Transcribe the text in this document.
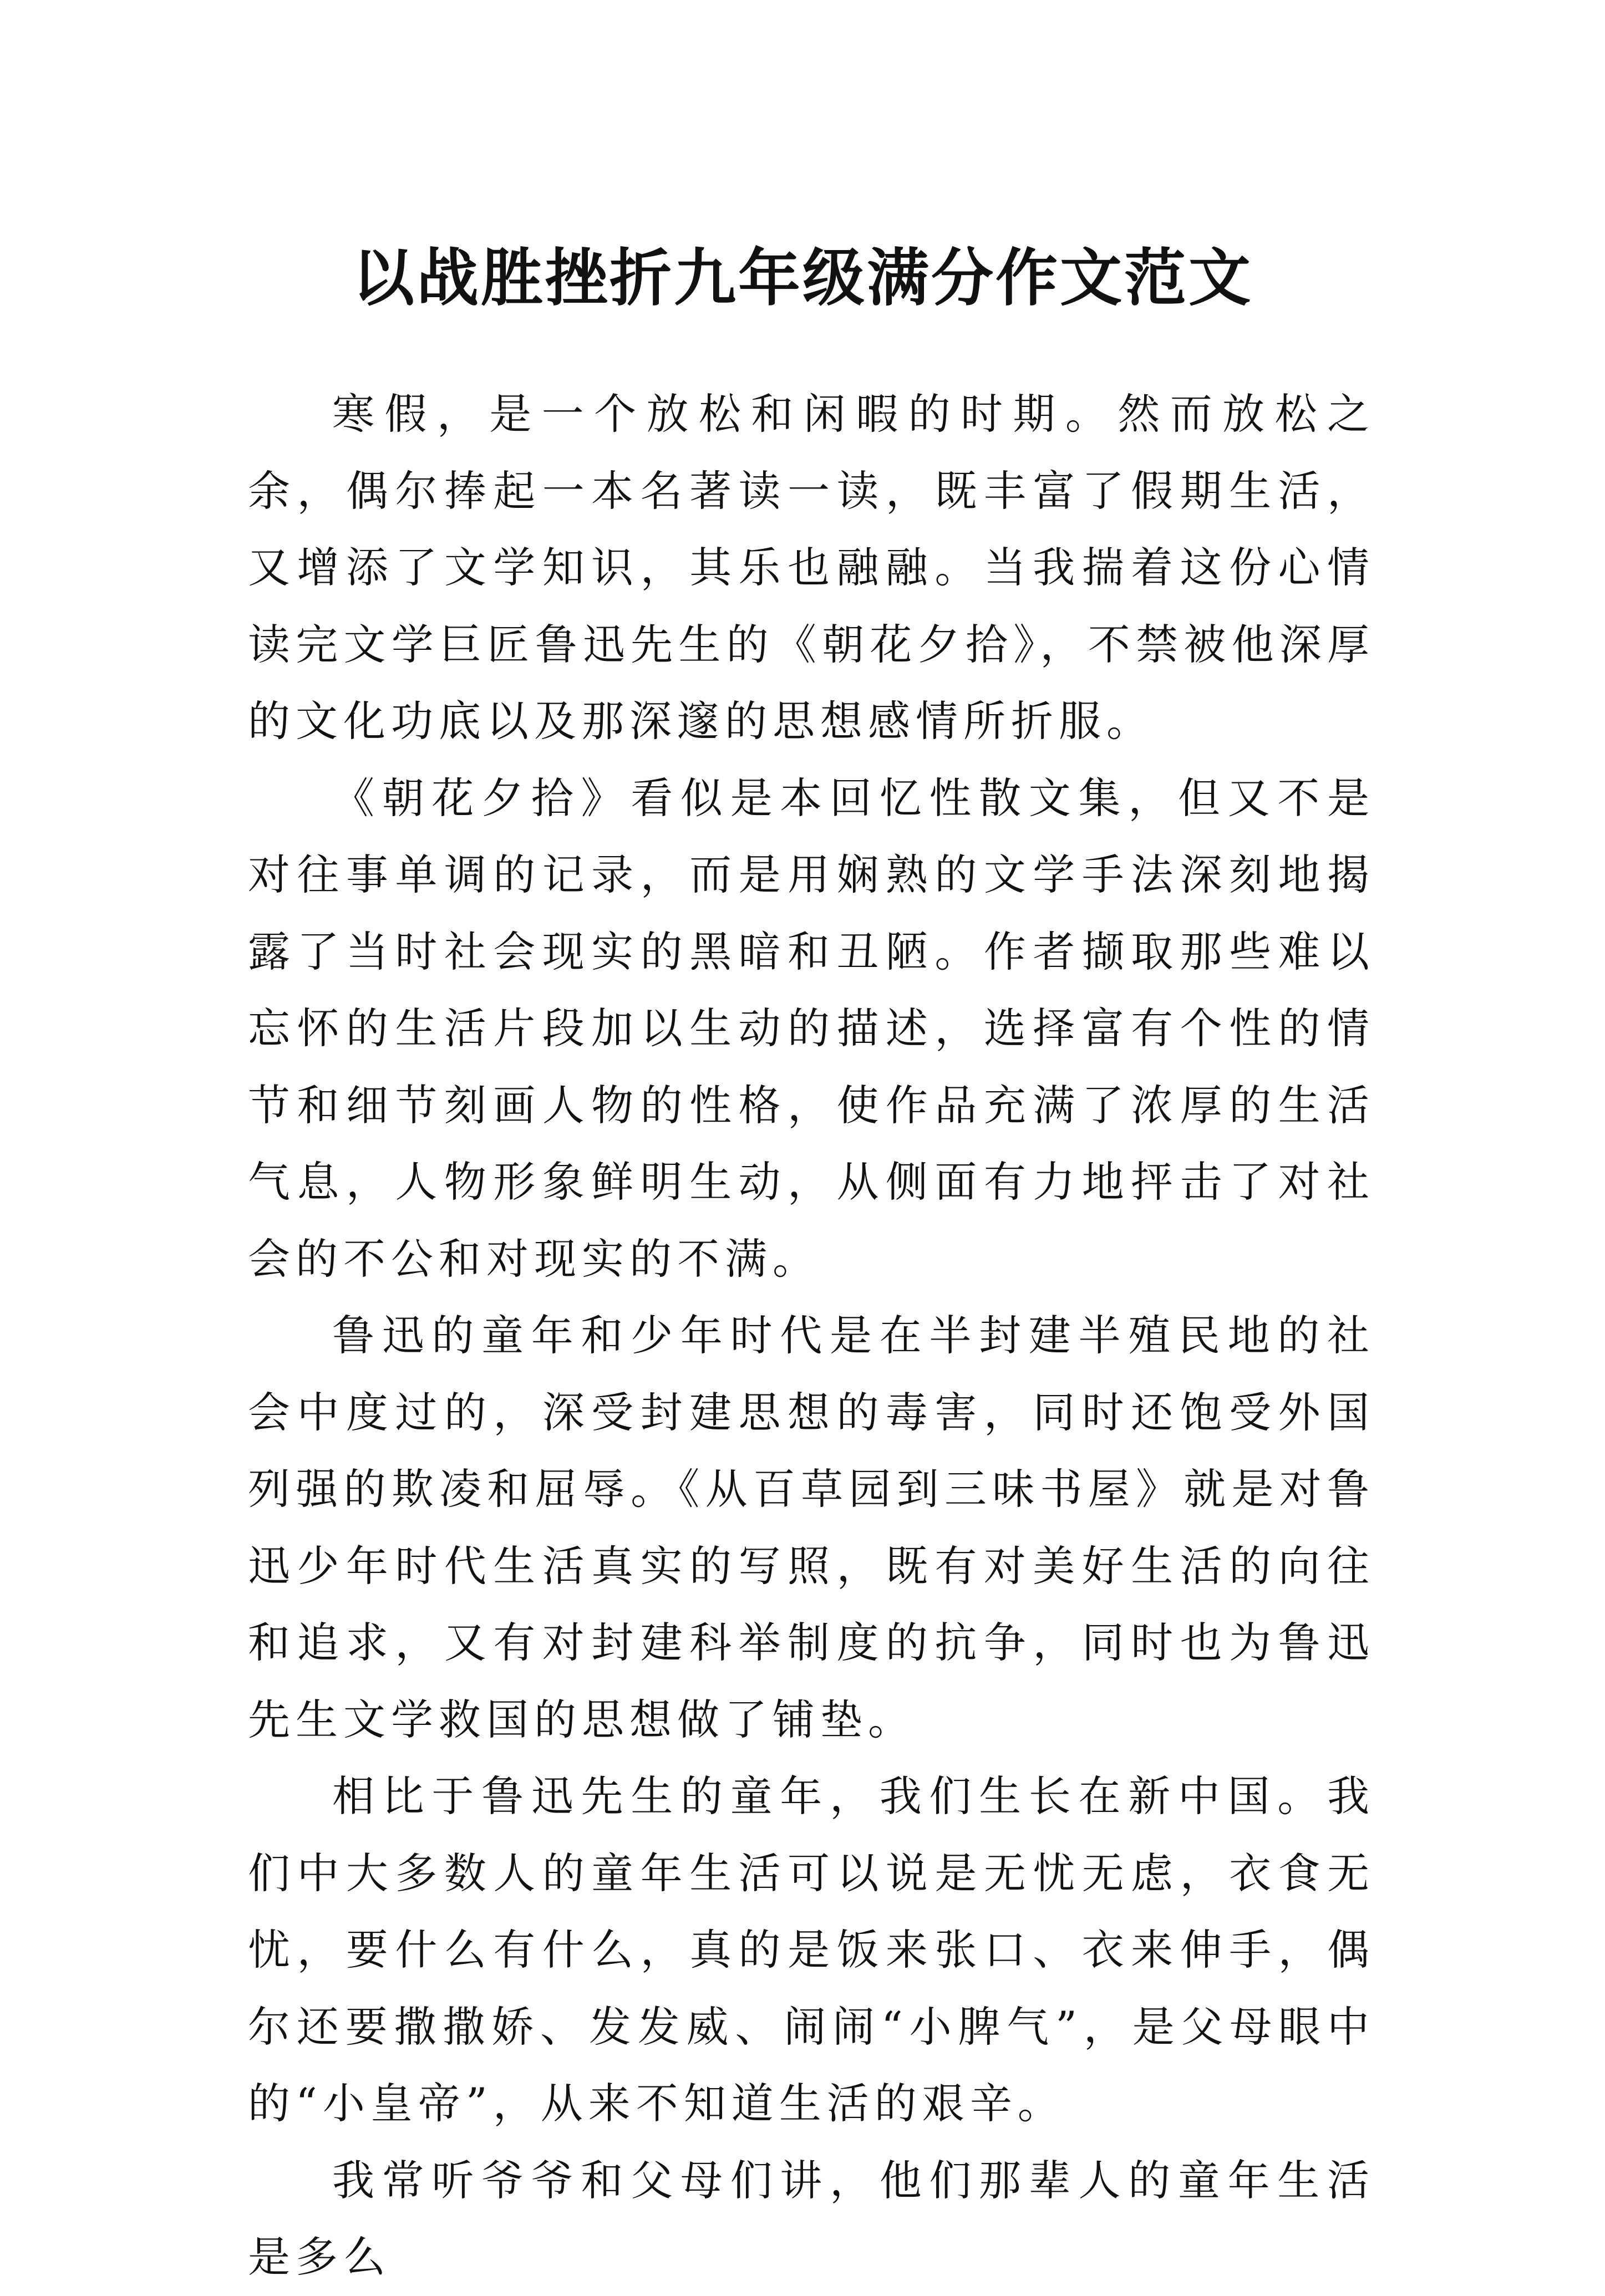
以战胜挫折九年级满分作文范文

寒假，是一个放松和闲暇的时期。然而放松之余，偶尔捧起一本名著读一读，既丰富了假期生活，又增添了文学知识，其乐也融融。当我揣着这份心情读完文学巨匠鲁迅先生的《朝花夕拾》，不禁被他深厚的文化功底以及那深邃的思想感情所折服。

《朝花夕拾》看似是本回忆性散文集，但又不是对往事单调的记录，而是用娴熟的文学手法深刻地揭露了当时社会现实的黑暗和丑陋。作者撷取那些难以忘怀的生活片段加以生动的描述，选择富有个性的情节和细节刻画人物的性格，使作品充满了浓厚的生活气息，人物形象鲜明生动，从侧面有力地抨击了对社会的不公和对现实的不满。

鲁迅的童年和少年时代是在半封建半殖民地的社会中度过的，深受封建思想的毒害，同时还饱受外国列强的欺凌和屈辱。《从百草园到三味书屋》就是对鲁迅少年时代生活真实的写照，既有对美好生活的向往和追求，又有对封建科举制度的抗争，同时也为鲁迅先生文学救国的思想做了铺垫。

相比于鲁迅先生的童年，我们生长在新中国。我们中大多数人的童年生活可以说是无忧无虑，衣食无忧，要什么有什么，真的是饭来张口、衣来伸手，偶尔还要撒撒娇、发发威、闹闹“小脾气”，是父母眼中的“小皇帝”，从来不知道生活的艰辛。

我常听爷爷和父母们讲，他们那辈人的童年生活是多么
